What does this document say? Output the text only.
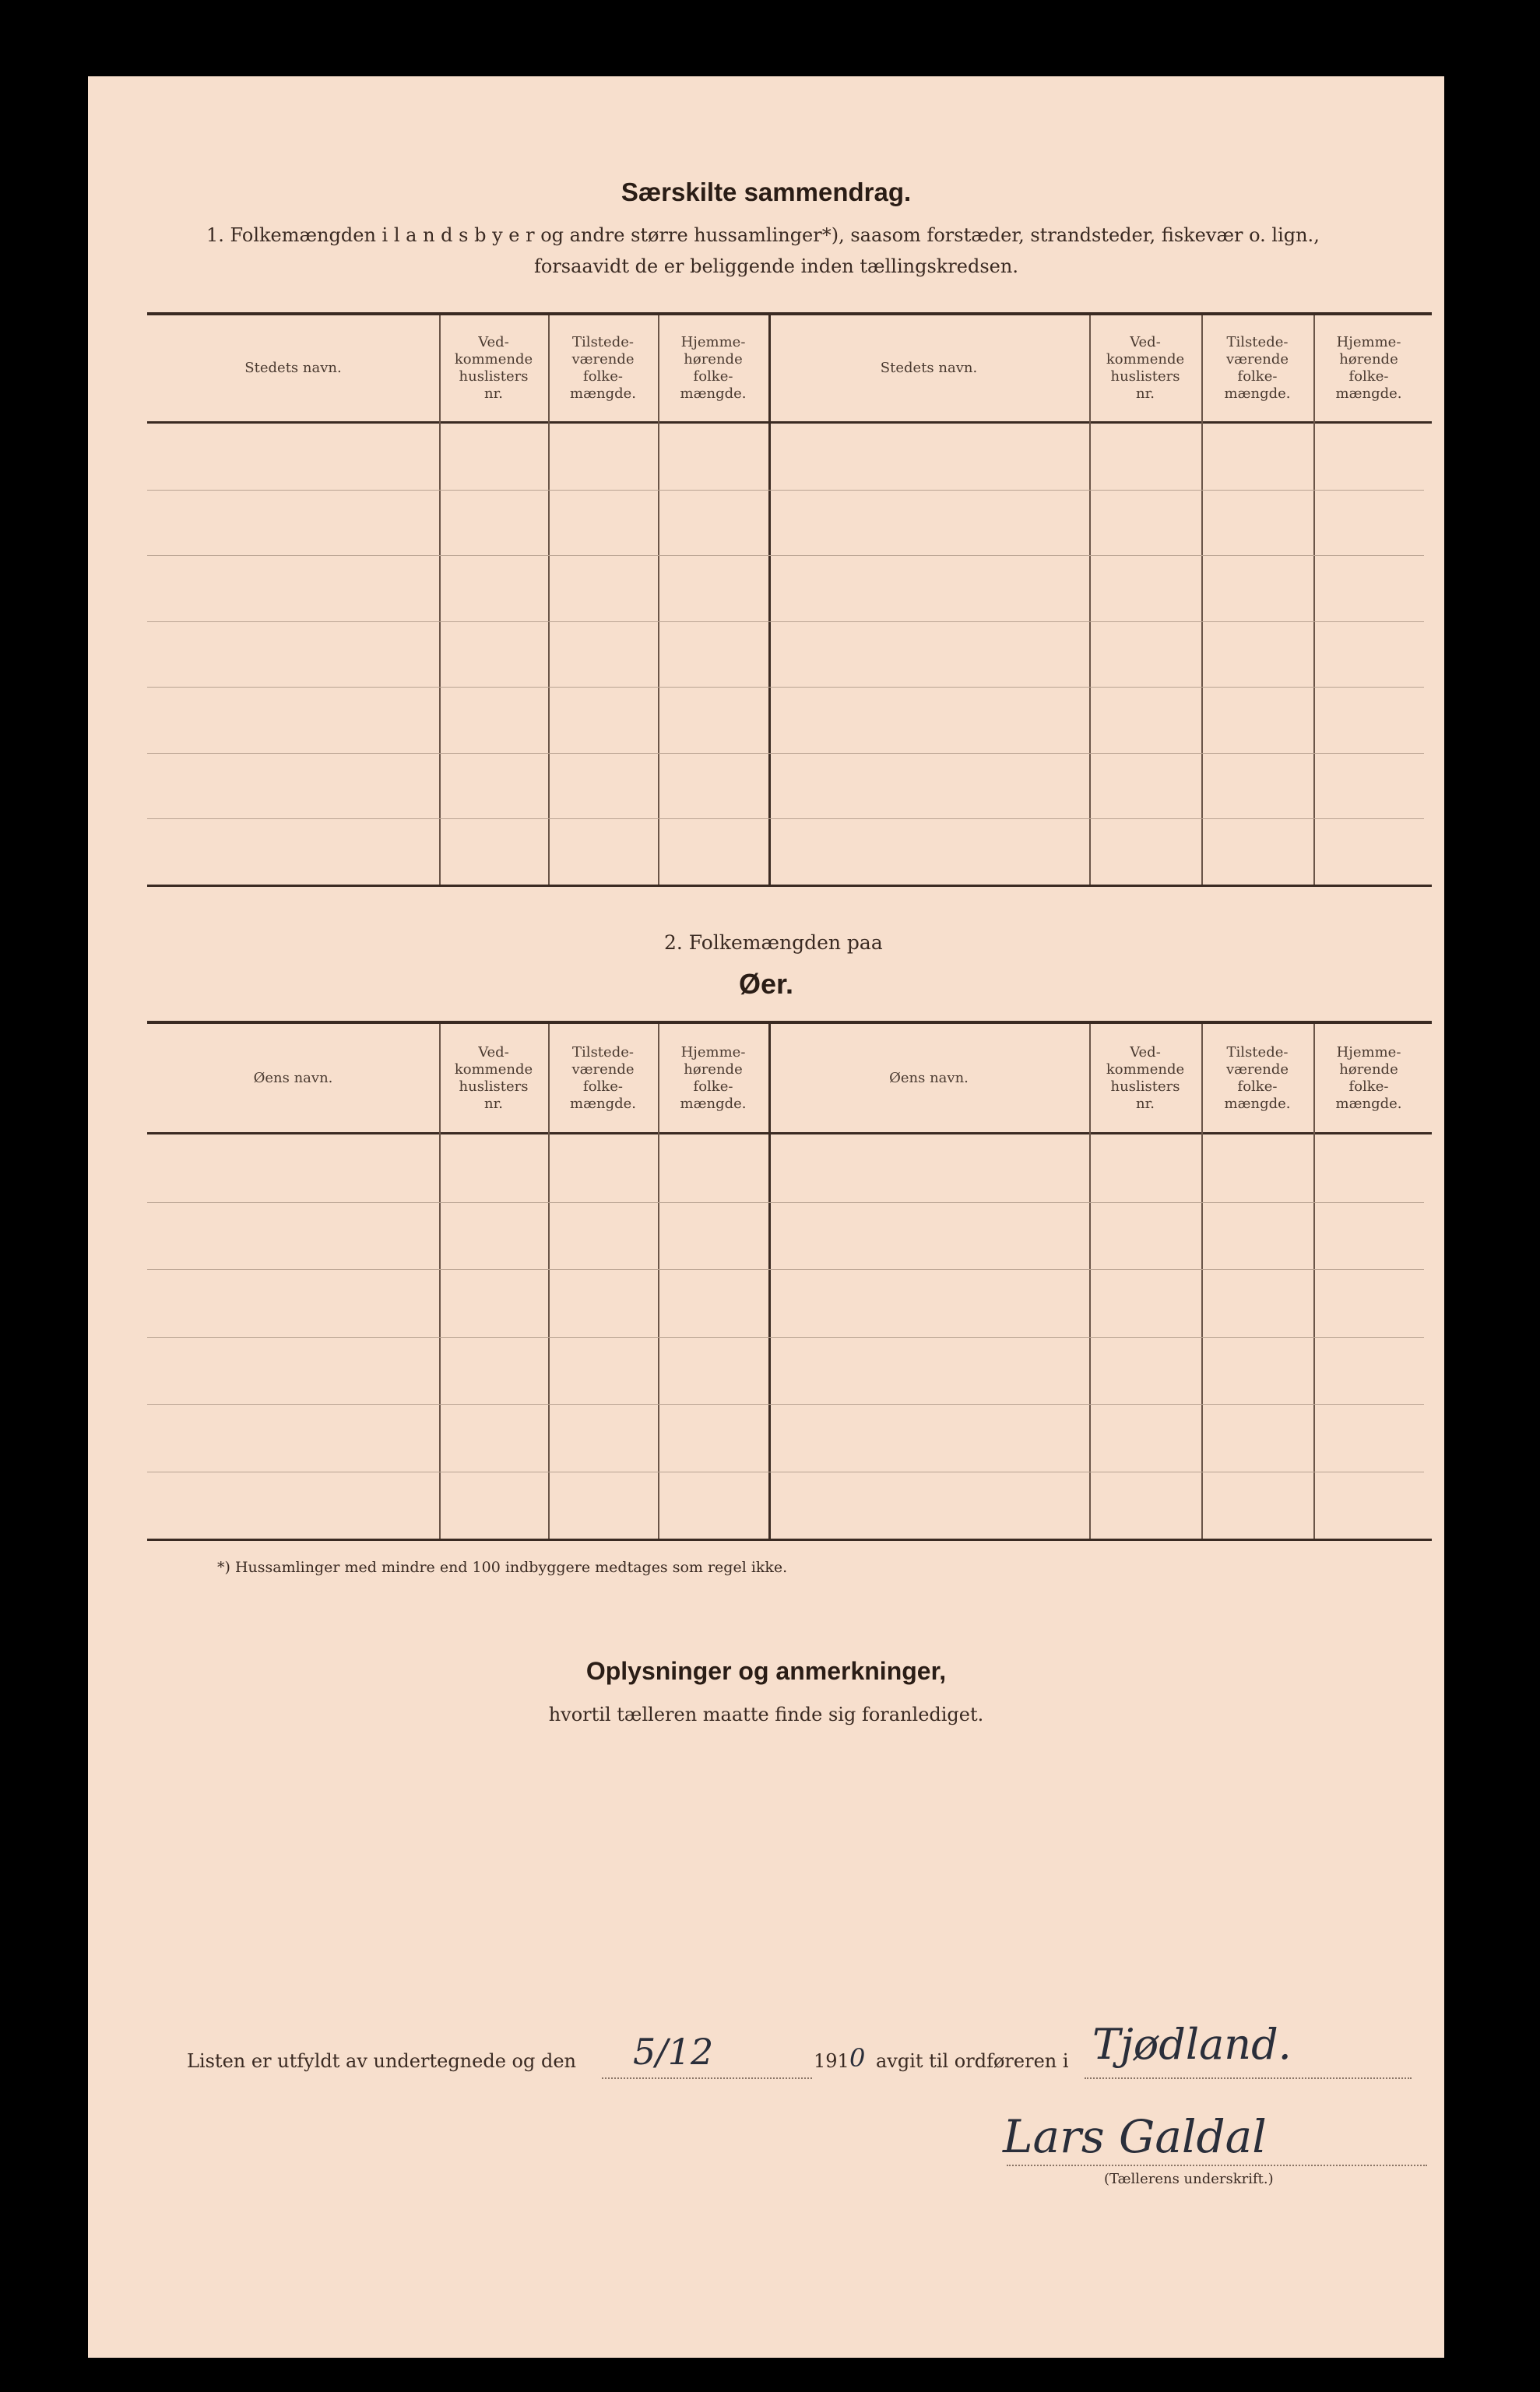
Særskilte sammendrag.
1. Folkemængden i l a n d s b y e r og andre større hussamlinger*), saasom forstæder, strandsteder, fiskevær o. lign.,
forsaavidt de er beliggende inden tællingskredsen.
2. Folkemængden paa
Øer.
*) Hussamlinger med mindre end 100 indbyggere medtages som regel ikke.
Oplysninger og anmerkninger,
hvortil tælleren maatte finde sig foranlediget.
Listen er utfyldt av undertegnede og den 5/12	191 0 avgit til ordføreren i Tjødland.
Lars Galdal
(Tællerens underskrift.)
Stedets navn.
Ved-
kommende
huslisters
nr.
Tilstede-
værende
folke-
mængde.
Hjemme-
hørende
folke-
mængde.
Stedets navn.
Ved-
kommende
huslisters
nr.
Tilstede-
værende
folke-
mængde.
Hjemme-
hørende
folke-
mængde.
Øens navn.
Ved-
kommende
huslisters
nr.
Tilstede-
værende
folke-
mængde.
Hjemme-
hørende
folke-
mængde.
Øens navn.
Ved-
kommende
huslisters
nr.
Tilstede-
værende
folke-
mængde.
Hjemme-
hørende
folke-
mængde.
